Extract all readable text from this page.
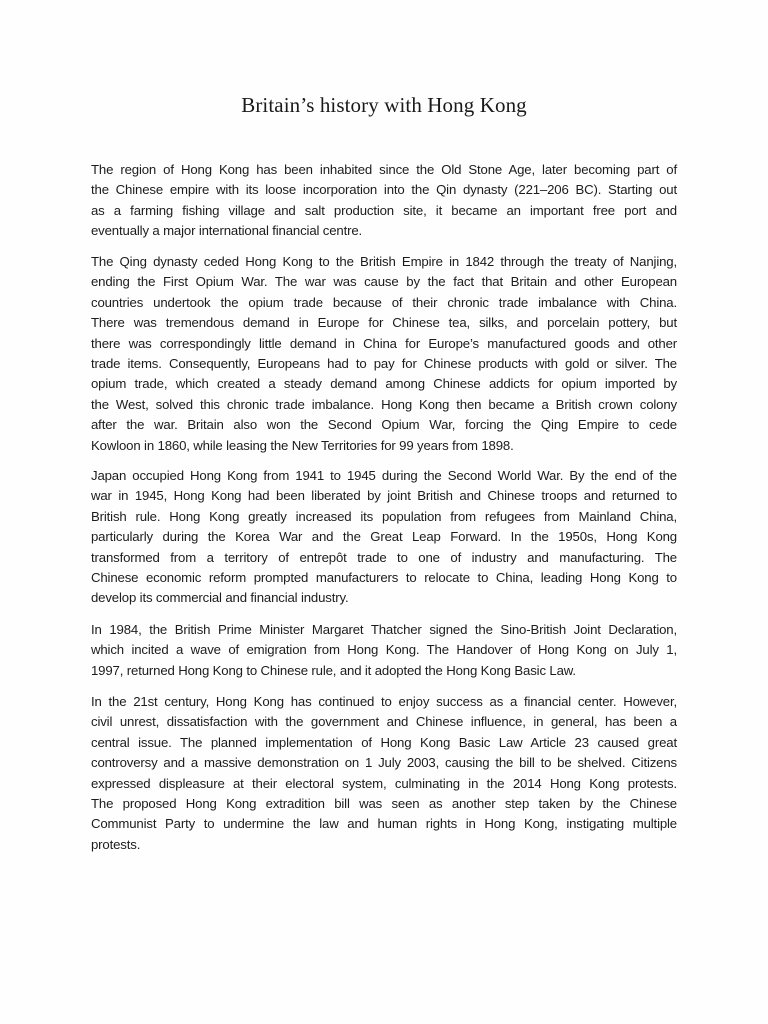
Britain’s history with Hong Kong
The region of Hong Kong has been inhabited since the Old Stone Age, later becoming part of
the Chinese empire with its loose incorporation into the Qin dynasty (221–206 BC). Starting out
as a farming fishing village and salt production site, it became an important free port and
eventually a major international financial centre.
The Qing dynasty ceded Hong Kong to the British Empire in 1842 through the treaty of Nanjing,
ending the First Opium War. The war was cause by the fact that Britain and other European
countries undertook the opium trade because of their chronic trade imbalance with China.
There was tremendous demand in Europe for Chinese tea, silks, and porcelain pottery, but
there was correspondingly little demand in China for Europe’s manufactured goods and other
trade items. Consequently, Europeans had to pay for Chinese products with gold or silver. The
opium trade, which created a steady demand among Chinese addicts for opium imported by
the West, solved this chronic trade imbalance. Hong Kong then became a British crown colony
after the war. Britain also won the Second Opium War, forcing the Qing Empire to cede
Kowloon in 1860, while leasing the New Territories for 99 years from 1898.
Japan occupied Hong Kong from 1941 to 1945 during the Second World War. By the end of the
war in 1945, Hong Kong had been liberated by joint British and Chinese troops and returned to
British rule. Hong Kong greatly increased its population from refugees from Mainland China,
particularly during the Korea War and the Great Leap Forward. In the 1950s, Hong Kong
transformed from a territory of entrepôt trade to one of industry and manufacturing. The
Chinese economic reform prompted manufacturers to relocate to China, leading Hong Kong to
develop its commercial and financial industry.
In 1984, the British Prime Minister Margaret Thatcher signed the Sino-British Joint Declaration,
which incited a wave of emigration from Hong Kong. The Handover of Hong Kong on July 1,
1997, returned Hong Kong to Chinese rule, and it adopted the Hong Kong Basic Law.
In the 21st century, Hong Kong has continued to enjoy success as a financial center. However,
civil unrest, dissatisfaction with the government and Chinese influence, in general, has been a
central issue. The planned implementation of Hong Kong Basic Law Article 23 caused great
controversy and a massive demonstration on 1 July 2003, causing the bill to be shelved. Citizens
expressed displeasure at their electoral system, culminating in the 2014 Hong Kong protests.
The proposed Hong Kong extradition bill was seen as another step taken by the Chinese
Communist Party to undermine the law and human rights in Hong Kong, instigating multiple
protests.
